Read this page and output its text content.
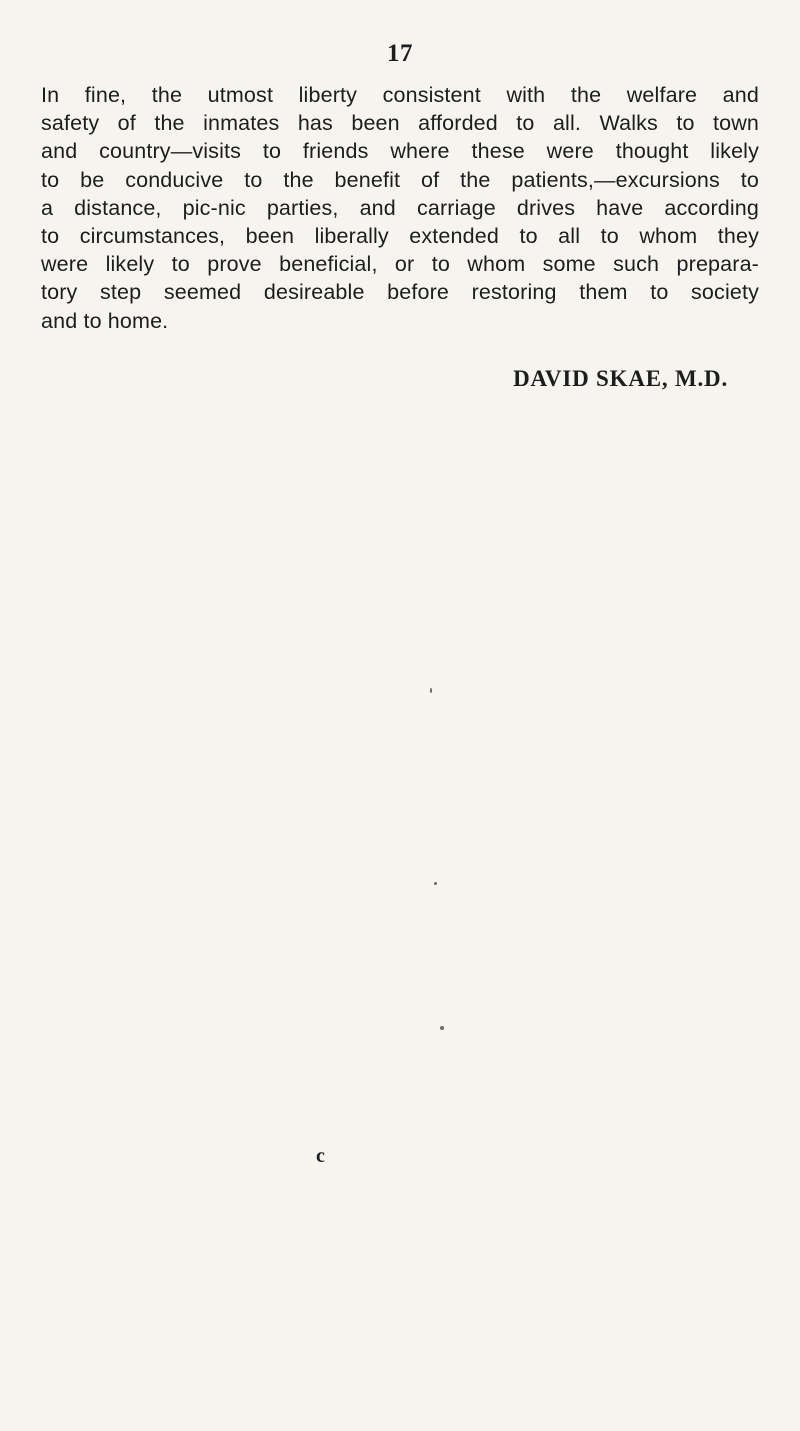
17
In fine, the utmost liberty consistent with the welfare and
safety of the inmates has been afforded to all. Walks to town
and country—visits to friends where these were thought likely
to be conducive to the benefit of the patients,—excursions to
a distance, pic-nic parties, and carriage drives have according
to circumstances, been liberally extended to all to whom they
were likely to prove beneficial, or to whom some such prepara-
tory step seemed desireable before restoring them to society
and to home.
DAVID SKAE, M.D.
c
